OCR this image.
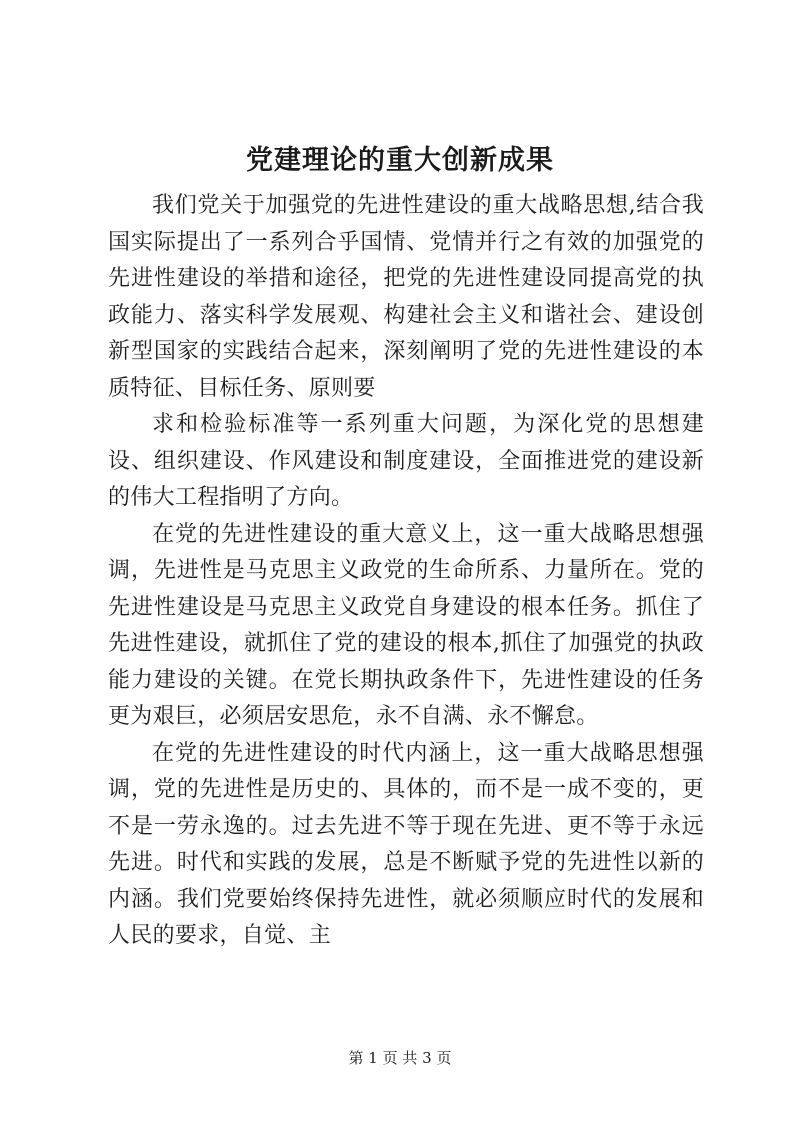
党建理论的重大创新成果

我们党关于加强党的先进性建设的重大战略思想,结合我国实际提出了一系列合乎国情、党情并行之有效的加强党的先进性建设的举措和途径，把党的先进性建设同提高党的执政能力、落实科学发展观、构建社会主义和谐社会、建设创新型国家的实践结合起来，深刻阐明了党的先进性建设的本质特征、目标任务、原则要

求和检验标准等一系列重大问题，为深化党的思想建设、组织建设、作风建设和制度建设，全面推进党的建设新的伟大工程指明了方向。

在党的先进性建设的重大意义上，这一重大战略思想强调，先进性是马克思主义政党的生命所系、力量所在。党的先进性建设是马克思主义政党自身建设的根本任务。抓住了先进性建设，就抓住了党的建设的根本,抓住了加强党的执政能力建设的关键。在党长期执政条件下，先进性建设的任务更为艰巨，必须居安思危，永不自满、永不懈怠。

在党的先进性建设的时代内涵上，这一重大战略思想强调，党的先进性是历史的、具体的，而不是一成不变的，更不是一劳永逸的。过去先进不等于现在先进、更不等于永远先进。时代和实践的发展，总是不断赋予党的先进性以新的内涵。我们党要始终保持先进性，就必须顺应时代的发展和人民的要求，自觉、主

第 1 页 共 3 页
